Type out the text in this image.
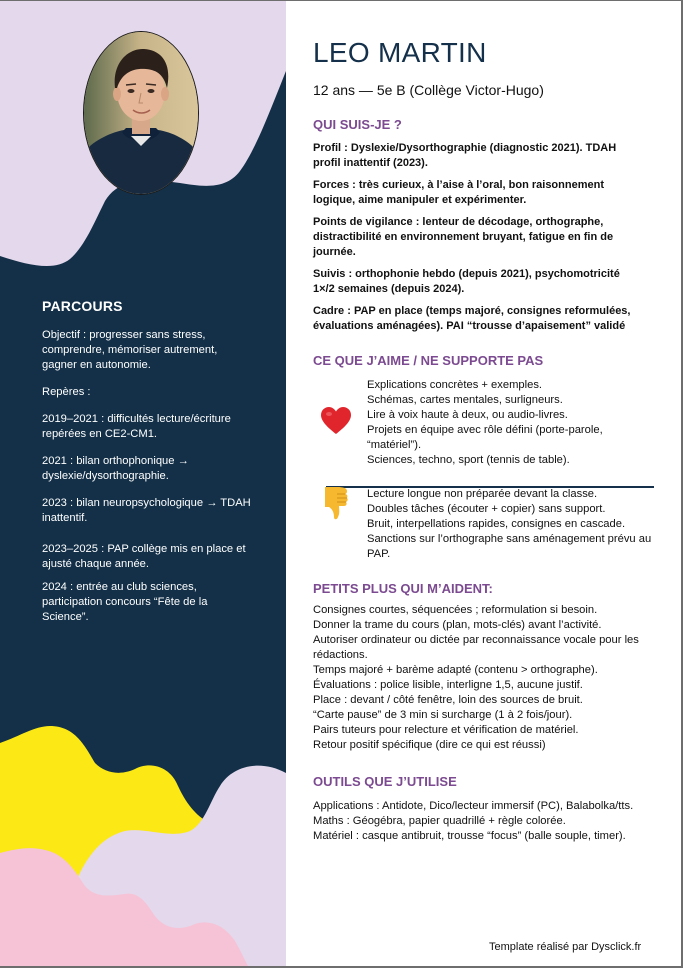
PARCOURS

Objectif : progresser sans stress, comprendre, mémoriser autrement, gagner en autonomie.

Repères :

2019–2021 : difficultés lecture/écriture repérées en CE2-CM1.

2021 : bilan orthophonique → dyslexie/dysorthographie.

2023 : bilan neuropsychologique → TDAH inattentif.

2023–2025 : PAP collège mis en place et ajusté chaque année.

2024 : entrée au club sciences, participation concours “Fête de la Science”.

LEO MARTIN
12 ans — 5e B (Collège Victor-Hugo)
QUI SUIS-JE ?

Profil : Dyslexie/Dysorthographie (diagnostic 2021). TDAH profil inattentif (2023).

Forces : très curieux, à l’aise à l’oral, bon raisonnement logique, aime manipuler et expérimenter.

Points de vigilance : lenteur de décodage, orthographe, distractibilité en environnement bruyant, fatigue en fin de journée.

Suivis : orthophonie hebdo (depuis 2021), psychomotricité 1×/2 semaines (depuis 2024).

Cadre : PAP en place (temps majoré, consignes reformulées, évaluations aménagées). PAI “trousse d’apaisement” validé

CE QUE J’AIME / NE SUPPORTE PAS
Explications concrètes + exemples.
Schémas, cartes mentales, surligneurs.
Lire à voix haute à deux, ou audio-livres.
Projets en équipe avec rôle défini (porte-parole, “matériel”).
Sciences, techno, sport (tennis de table).
Lecture longue non préparée devant la classe.
Doubles tâches (écouter + copier) sans support.
Bruit, interpellations rapides, consignes en cascade.
Sanctions sur l’orthographe sans aménagement prévu au PAP.
PETITS PLUS QUI M’AIDENT:
Consignes courtes, séquencées ; reformulation si besoin.
Donner la trame du cours (plan, mots-clés) avant l’activité.
Autoriser ordinateur ou dictée par reconnaissance vocale pour les rédactions.
Temps majoré + barème adapté (contenu > orthographe).
Évaluations : police lisible, interligne 1,5, aucune justif.
Place : devant / côté fenêtre, loin des sources de bruit.
“Carte pause” de 3 min si surcharge (1 à 2 fois/jour).
Pairs tuteurs pour relecture et vérification de matériel.
Retour positif spécifique (dire ce qui est réussi)
OUTILS QUE J’UTILISE
Applications : Antidote, Dico/lecteur immersif (PC), Balabolka/tts.
Maths : Géogébra, papier quadrillé + règle colorée.
Matériel : casque antibruit, trousse “focus” (balle souple, timer).
Template réalisé par Dysclick.fr
